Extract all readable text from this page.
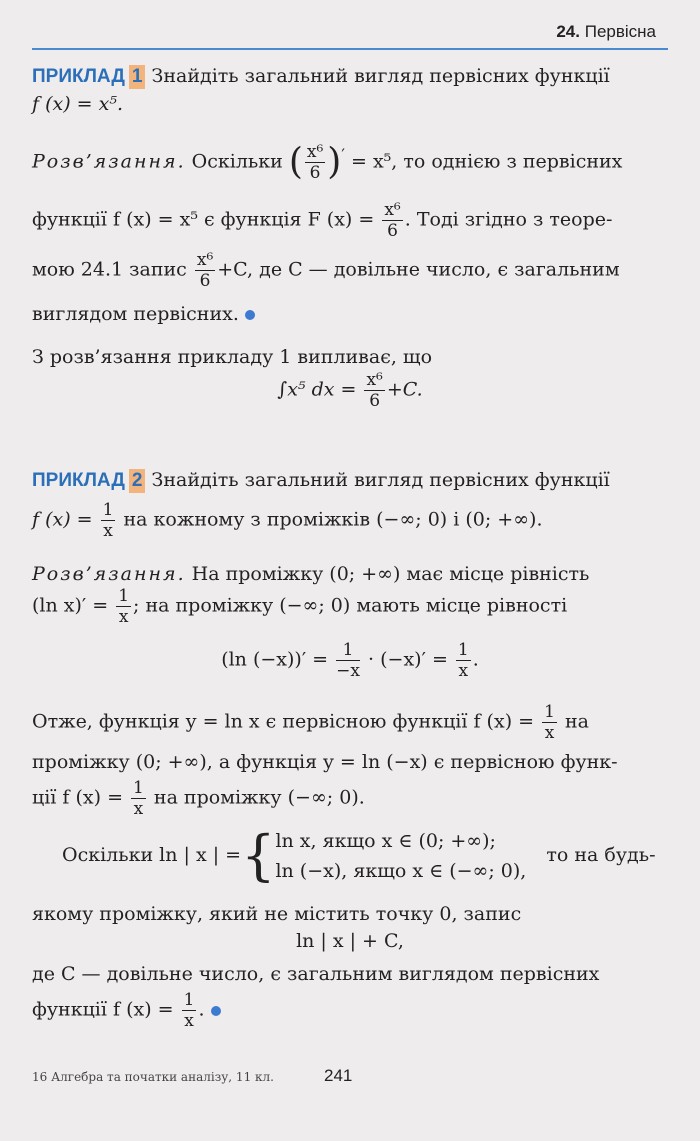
24. Первісна
ПРИКЛАД 1 Знайдіть загальний вигляд первісних функції
f (x) = x⁵.
Розв’язання. Оскільки ( $\frac{\text{x⁶}}{6} )' = x^5$, то однією з первісних
функції f (x) = x⁵ є функція F $(x) = \frac{\text{x⁶}}{6}$ . Тоді згідно з теоре-
мою 24.1 запис $\frac{\text{x⁶}}{6} +C$, де C — довільне число, є загальним
виглядом первісних.
З розв’язання прикладу 1 випливає, що
∫x⁵ dx = $\frac{\text{x⁶}}{6} +C$.
ПРИКЛАД 2 Знайдіть загальний вигляд первісних функції
f $(x) = \frac{1}{x}$ на кожному з проміжків (−∞; 0) і (0; +∞).
Розв’язання. На проміжку (0; +∞) має місце рівність
(ln $x)' = \frac{1}{x}$ ; на проміжку (−∞; 0) мають місце рівності
(ln $(-x))' = \frac{1}{-x} \cdot (-x)' = \frac{1}{x}$ .
Отже, функція y = ln x є первісною функції f $(x) = \frac{1}{x}$ на
проміжку (0; +∞), а функція y = ln (−x) є первісною функ-
ції f $(x) = \frac{1}{x}$ на проміжку (−∞; 0).
Оскільки ln | x | ={ln x, якщо x ∈ (0; +∞);
ln (−x), якщо x ∈ (−∞; 0), то на будь-
якому проміжку, який не містить точку 0, запис
ln | x | + C,
де C — довільне число, є загальним виглядом первісних
функції f $(x) = \frac{1}{x}$ .
16 Алгебра та початки аналізу, 11 кл.	241
